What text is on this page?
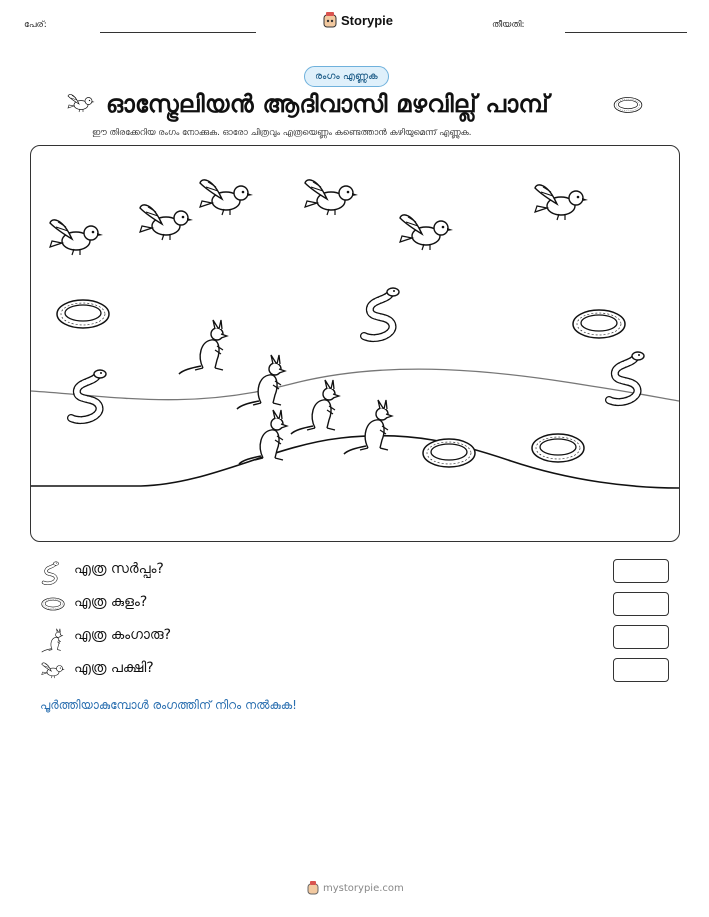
പേര്:	Storypie	തീയതി:
രംഗം എണ്ണുക
ഓസ്ട്രേലിയൻ ആദിവാസി മഴവില്ല് പാമ്പ്
ഈ തിരക്കേറിയ രംഗം നോക്കുക. ഓരോ ചിത്രവും എത്രയെണ്ണം കണ്ടെത്താൻ കഴിയുമെന്ന് എണ്ണുക.
എത്ര സർപ്പം?
എത്ര കുളം?
എത്ര കംഗാരു?
എത്ര പക്ഷി?
പൂർത്തിയാകുമ്പോൾ രംഗത്തിന് നിറം നൽകുക!
mystorypie.com
